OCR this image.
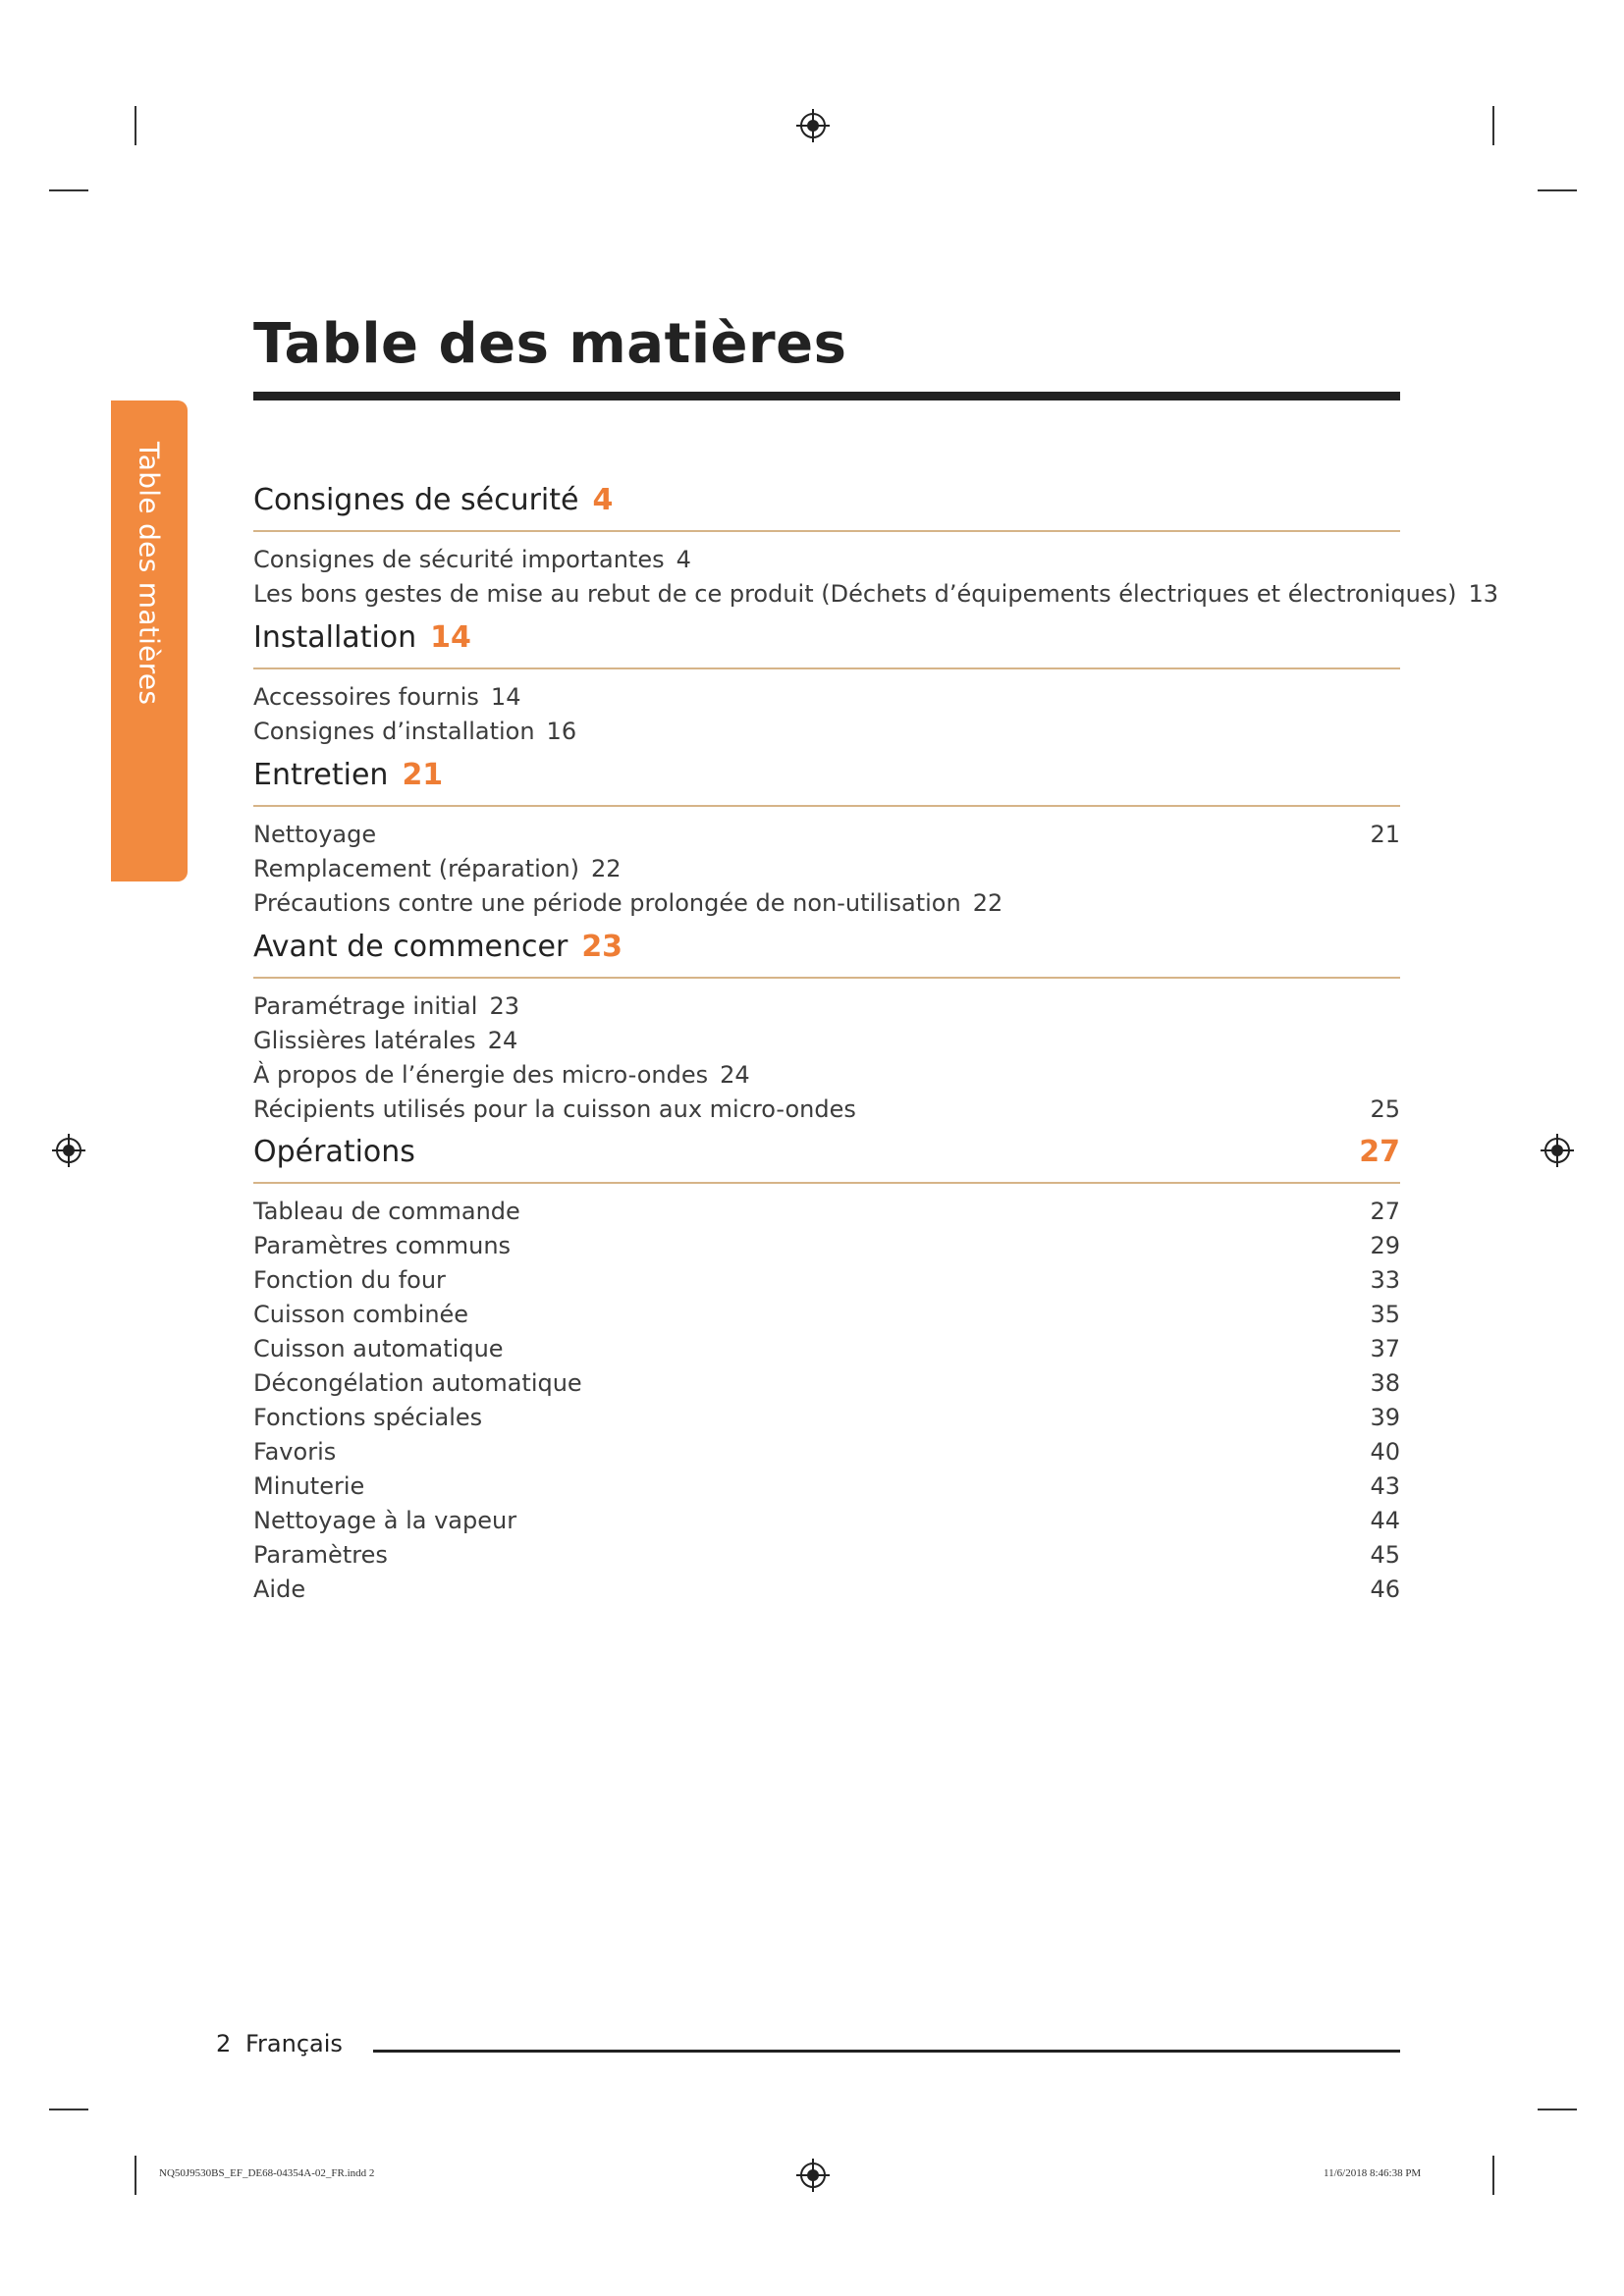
Table des matières
Table des matières
Consignes de sécurité 4
Consignes de sécurité importantes 4
Les bons gestes de mise au rebut de ce produit (Déchets d’équipements électriques et électroniques) 13
Installation 14
Accessoires fournis 14
Consignes d’installation 16
Entretien 21
Nettoyage	21
Remplacement (réparation) 22
Précautions contre une période prolongée de non-utilisation 22
Avant de commencer 23
Paramétrage initial 23
Glissières latérales 24
À propos de l’énergie des micro-ondes 24
Récipients utilisés pour la cuisson aux micro-ondes	25
Opérations	27
Tableau de commande	27
Paramètres communs	29
Fonction du four	33
Cuisson combinée	35
Cuisson automatique	37
Décongélation automatique	38
Fonctions spéciales	39
Favoris	40
Minuterie	43
Nettoyage à la vapeur	44
Paramètres	45
Aide	46
2 Français
NQ50J9530BS_EF_DE68-04354A-02_FR.indd 2	11/6/2018 8:46:38 PM
